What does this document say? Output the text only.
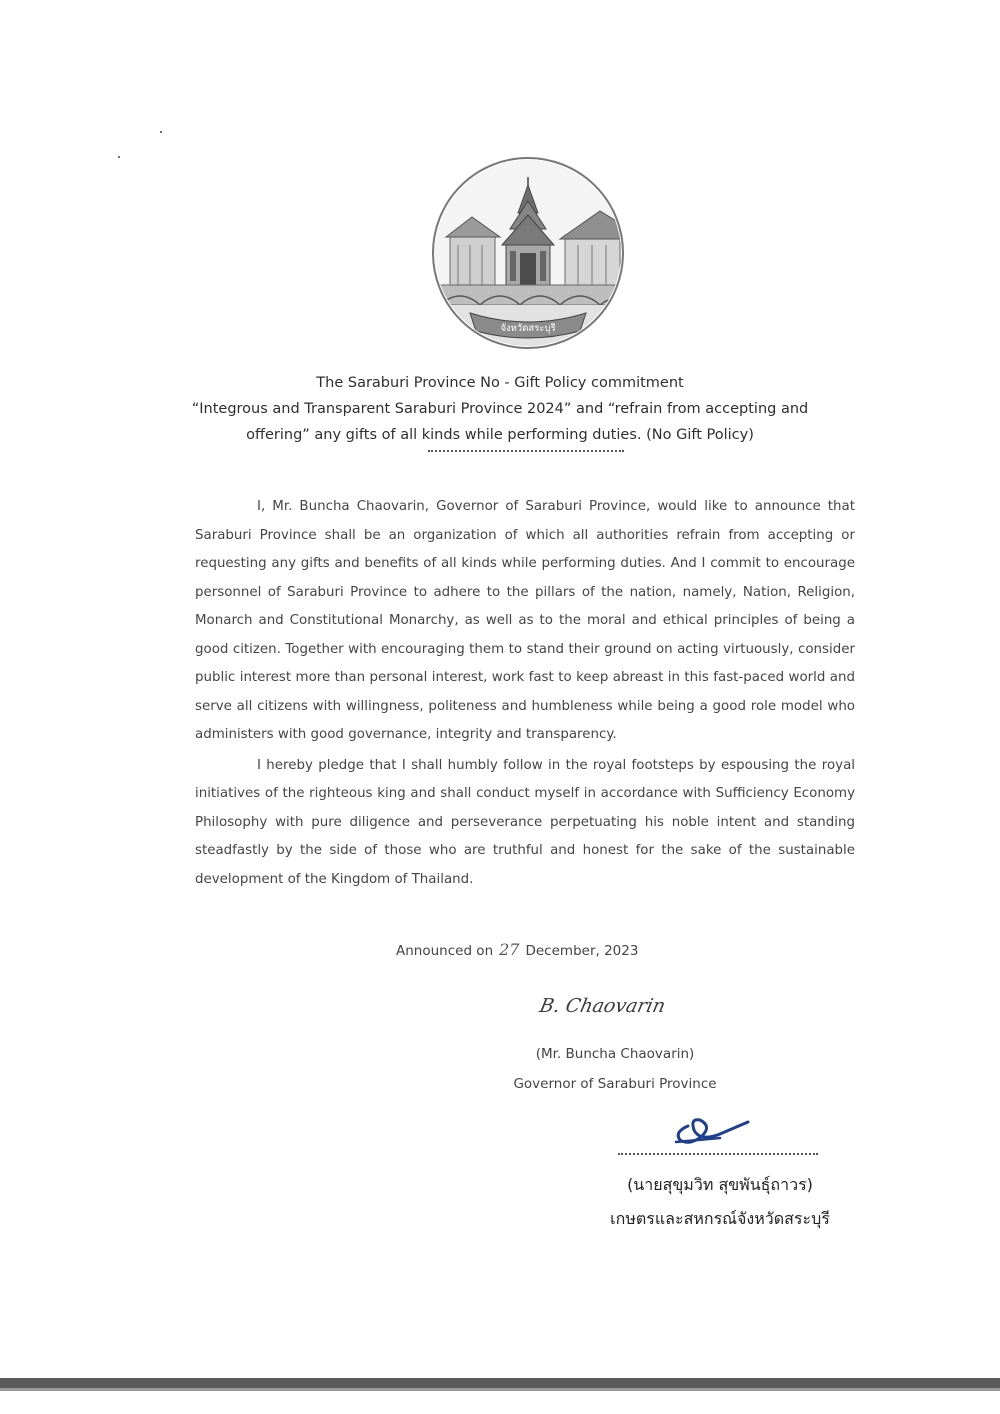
จังหวัดสระบุรี
The Saraburi Province No - Gift Policy commitment
“Integrous and Transparent Saraburi Province 2024” and “refrain from accepting and
offering” any gifts of all kinds while performing duties. (No Gift Policy)

I, Mr. Buncha Chaovarin, Governor of Saraburi Province, would like to announce that Saraburi Province shall be an organization of which all authorities refrain from accepting or requesting any gifts and benefits of all kinds while performing duties. And I commit to encourage personnel of Saraburi Province to adhere to the pillars of the nation, namely, Nation, Religion, Monarch and Constitutional Monarchy, as well as to the moral and ethical principles of being a good citizen. Together with encouraging them to stand their ground on acting virtuously, consider public interest more than personal interest, work fast to keep abreast in this fast-paced world and serve all citizens with willingness, politeness and humbleness while being a good role model who administers with good governance, integrity and transparency.

I hereby pledge that I shall humbly follow in the royal footsteps by espousing the royal initiatives of the righteous king and shall conduct myself in accordance with Sufficiency Economy Philosophy with pure diligence and perseverance perpetuating his noble intent and standing steadfastly by the side of those who are truthful and honest for the sake of the sustainable development of the Kingdom of Thailand.

Announced on 27 December, 2023
B. Chaovarin
(Mr. Buncha Chaovarin)
Governor of Saraburi Province
(นายสุขุมวิท สุขพันธุ์ถาวร)
เกษตรและสหกรณ์จังหวัดสระบุรี
